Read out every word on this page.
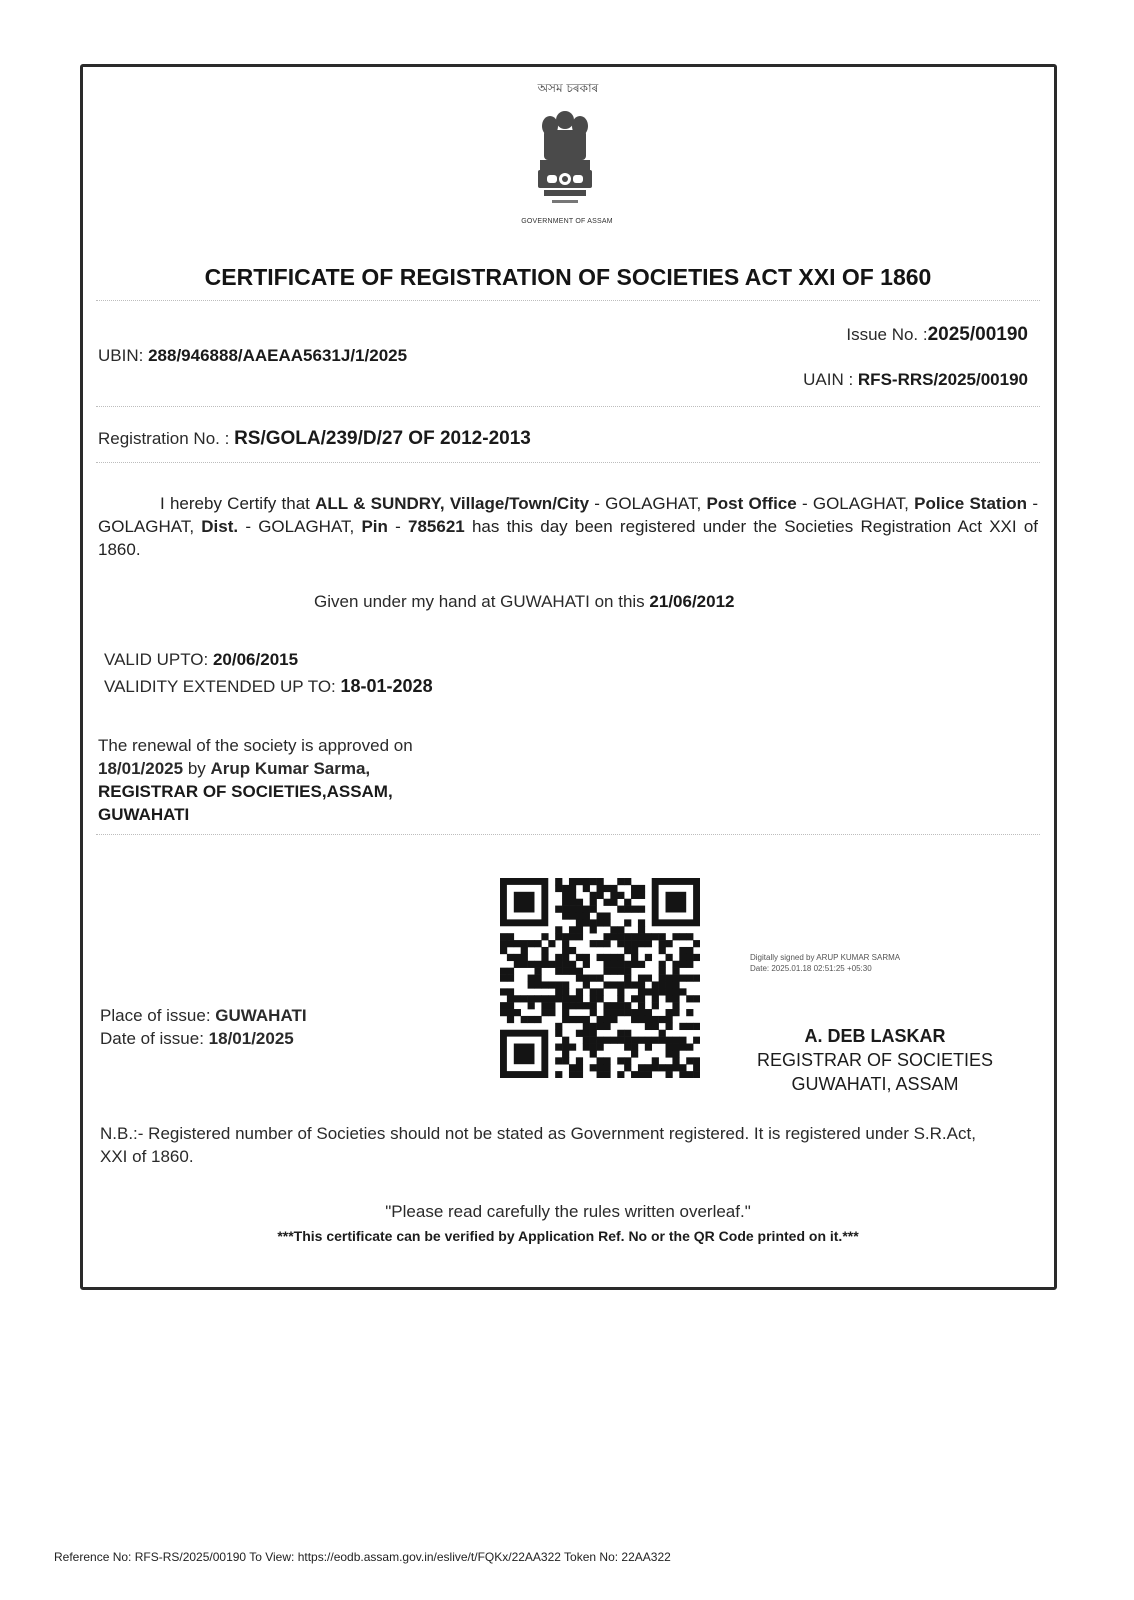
অসম চৰকাৰ
GOVERNMENT OF ASSAM
CERTIFICATE OF REGISTRATION OF SOCIETIES ACT XXI OF 1860
Issue No. :2025/00190
UBIN: 288/946888/AAEAA5631J/1/2025
UAIN : RFS-RRS/2025/00190
Registration No. : RS/GOLA/239/D/27 OF 2012-2013
I hereby Certify that ALL & SUNDRY, Village/Town/City - GOLAGHAT, Post Office - GOLAGHAT, Police Station - GOLAGHAT, Dist. - GOLAGHAT, Pin - 785621 has this day been registered under the Societies Registration Act XXI of 1860.
Given under my hand at GUWAHATI on this 21/06/2012
VALID UPTO: 20/06/2015
VALIDITY EXTENDED UP TO: 18-01-2028
The renewal of the society is approved on
18/01/2025 by Arup Kumar Sarma,
REGISTRAR OF SOCIETIES,ASSAM,
GUWAHATI
Digitally signed by ARUP KUMAR SARMA
Date: 2025.01.18 02:51:25 +05:30
Place of issue: GUWAHATI
Date of issue: 18/01/2025	A. DEB LASKAR
REGISTRAR OF SOCIETIES
GUWAHATI, ASSAM
N.B.:- Registered number of Societies should not be stated as Government registered. It is registered under S.R.Act, XXI of 1860.
"Please read carefully the rules written overleaf."
***This certificate can be verified by Application Ref. No or the QR Code printed on it.***
Reference No: RFS-RS/2025/00190 To View: https://eodb.assam.gov.in/eslive/t/FQKx/22AA322 Token No: 22AA322
